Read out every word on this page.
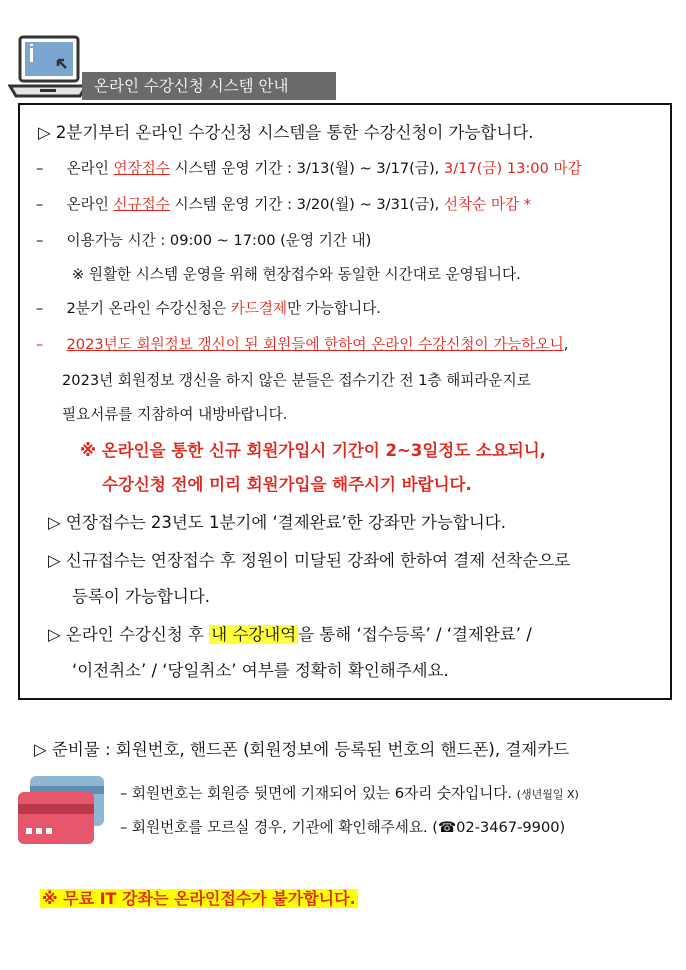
온라인 수강신청 시스템 안내
▷ 2분기부터 온라인 수강신청 시스템을 통한 수강신청이 가능합니다.
– 온라인 연장접수 시스템 운영 기간 : 3/13(월) ~ 3/17(금), 3/17(금) 13:00 마감
– 온라인 신규접수 시스템 운영 기간 : 3/20(월) ~ 3/31(금), 선착순 마감 *
– 이용가능 시간 : 09:00 ~ 17:00 (운영 기간 내)
※ 원활한 시스템 운영을 위해 현장접수와 동일한 시간대로 운영됩니다.
– 2분기 온라인 수강신청은 카드결제만 가능합니다.
– 2023년도 회원정보 갱신이 된 회원들에 한하여 온라인 수강신청이 가능하오니,
2023년 회원정보 갱신을 하지 않은 분들은 접수기간 전 1층 해피라운지로
필요서류를 지참하여 내방바랍니다.
※ 온라인을 통한 신규 회원가입시 기간이 2~3일정도 소요되니,
수강신청 전에 미리 회원가입을 해주시기 바랍니다.
▷ 연장접수는 23년도 1분기에 ‘결제완료’한 강좌만 가능합니다.
▷ 신규접수는 연장접수 후 정원이 미달된 강좌에 한하여 결제 선착순으로
등록이 가능합니다.
▷ 온라인 수강신청 후 내 수강내역 을 통해 ‘접수등록’ / ‘결제완료’ /
‘이전취소’ / ‘당일취소’ 여부를 정확히 확인해주세요.
▷ 준비물 : 회원번호, 핸드폰 (회원정보에 등록된 번호의 핸드폰), 결제카드
– 회원번호는 회원증 뒷면에 기재되어 있는 6자리 숫자입니다. (생년월일 X)
– 회원번호를 모르실 경우, 기관에 확인해주세요. (☎02-3467-9900)
※ 무료 IT 강좌는 온라인접수가 불가합니다.
